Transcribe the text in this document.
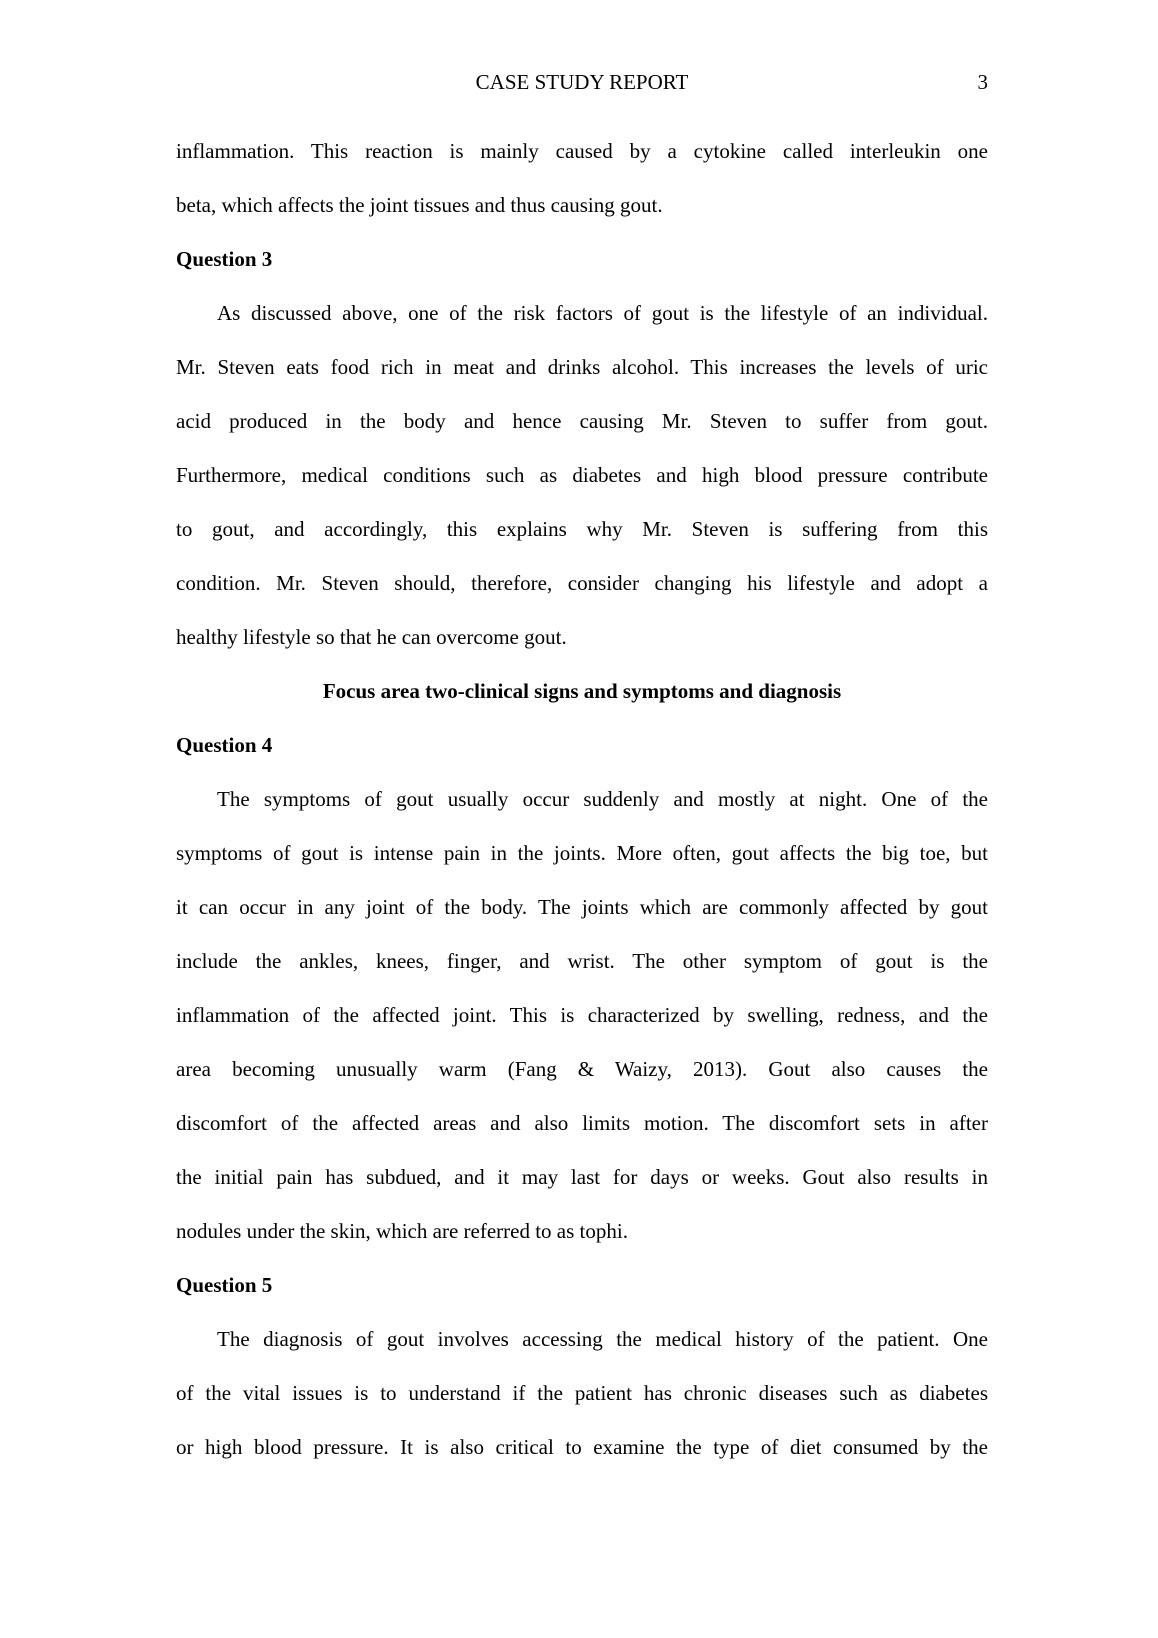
CASE STUDY REPORT	3
inflammation. This reaction is mainly caused by a cytokine called interleukin one
beta, which affects the joint tissues and thus causing gout.
Question 3
As discussed above, one of the risk factors of gout is the lifestyle of an individual.
Mr. Steven eats food rich in meat and drinks alcohol. This increases the levels of uric
acid produced in the body and hence causing Mr. Steven to suffer from gout.
Furthermore, medical conditions such as diabetes and high blood pressure contribute
to gout, and accordingly, this explains why Mr. Steven is suffering from this
condition. Mr. Steven should, therefore, consider changing his lifestyle and adopt a
healthy lifestyle so that he can overcome gout.
Focus area two-clinical signs and symptoms and diagnosis
Question 4
The symptoms of gout usually occur suddenly and mostly at night. One of the
symptoms of gout is intense pain in the joints. More often, gout affects the big toe, but
it can occur in any joint of the body. The joints which are commonly affected by gout
include the ankles, knees, finger, and wrist. The other symptom of gout is the
inflammation of the affected joint. This is characterized by swelling, redness, and the
area becoming unusually warm (Fang & Waizy, 2013). Gout also causes the
discomfort of the affected areas and also limits motion. The discomfort sets in after
the initial pain has subdued, and it may last for days or weeks. Gout also results in
nodules under the skin, which are referred to as tophi.
Question 5
The diagnosis of gout involves accessing the medical history of the patient. One
of the vital issues is to understand if the patient has chronic diseases such as diabetes
or high blood pressure. It is also critical to examine the type of diet consumed by the
